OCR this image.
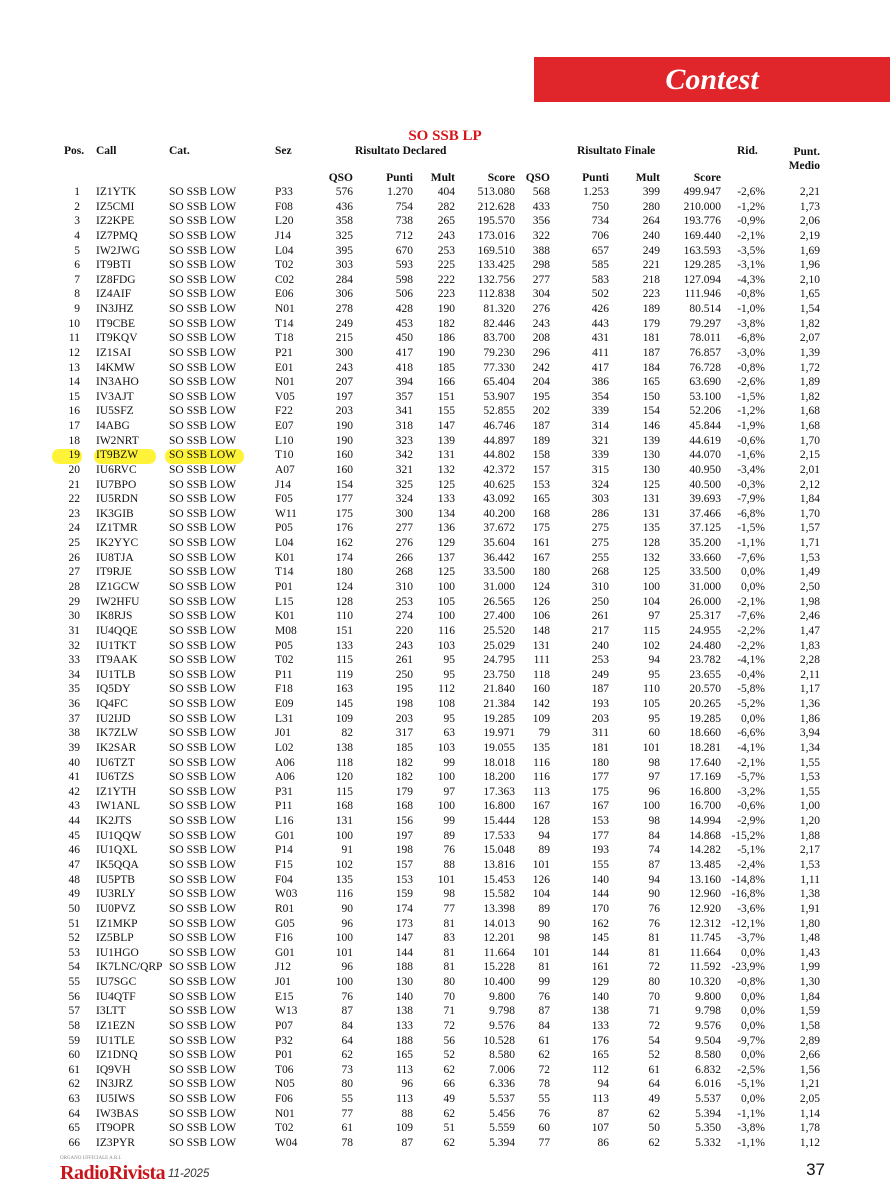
Contest
SO SSB LP
Pos. Call	Cat.	Sez	Risultato Declared	Risultato Finale	Rid.	Punt.
Medio
QSO	Punti	Mult	Score QSO	Punti	Mult	Score
1 IZ1YTK	SO SSB LOW	P33	576	1.270	404	513.080	568	1.253	399	499.947	-2,6%	2,21
2 IZ5CMI	SO SSB LOW	F08	436	754	282	212.628	433	750	280	210.000	-1,2%	1,73
3 IZ2KPE	SO SSB LOW	L20	358	738	265	195.570	356	734	264	193.776	-0,9%	2,06
4 IZ7PMQ	SO SSB LOW	J14	325	712	243	173.016	322	706	240	169.440	-2,1%	2,19
5 IW2JWG	SO SSB LOW	L04	395	670	253	169.510	388	657	249	163.593	-3,5%	1,69
6 IT9BTI	SO SSB LOW	T02	303	593	225	133.425	298	585	221	129.285	-3,1%	1,96
7 IZ8FDG	SO SSB LOW	C02	284	598	222	132.756	277	583	218	127.094	-4,3%	2,10
8 IZ4AIF	SO SSB LOW	E06	306	506	223	112.838	304	502	223	111.946	-0,8%	1,65
9 IN3JHZ	SO SSB LOW	N01	278	428	190	81.320	276	426	189	80.514	-1,0%	1,54
10 IT9CBE	SO SSB LOW	T14	249	453	182	82.446	243	443	179	79.297	-3,8%	1,82
11 IT9KQV	SO SSB LOW	T18	215	450	186	83.700	208	431	181	78.011	-6,8%	2,07
12 IZ1SAI	SO SSB LOW	P21	300	417	190	79.230	296	411	187	76.857	-3,0%	1,39
13 I4KMW	SO SSB LOW	E01	243	418	185	77.330	242	417	184	76.728	-0,8%	1,72
14 IN3AHO	SO SSB LOW	N01	207	394	166	65.404	204	386	165	63.690	-2,6%	1,89
15 IV3AJT	SO SSB LOW	V05	197	357	151	53.907	195	354	150	53.100	-1,5%	1,82
16 IU5SFZ	SO SSB LOW	F22	203	341	155	52.855	202	339	154	52.206	-1,2%	1,68
17 I4ABG	SO SSB LOW	E07	190	318	147	46.746	187	314	146	45.844	-1,9%	1,68
18 IW2NRT	SO SSB LOW	L10	190	323	139	44.897	189	321	139	44.619	-0,6%	1,70
19 IT9BZW	SO SSB LOW	T10	160	342	131	44.802	158	339	130	44.070	-1,6%	2,15
20 IU6RVC	SO SSB LOW	A07	160	321	132	42.372	157	315	130	40.950	-3,4%	2,01
21 IU7BPO	SO SSB LOW	J14	154	325	125	40.625	153	324	125	40.500	-0,3%	2,12
22 IU5RDN	SO SSB LOW	F05	177	324	133	43.092	165	303	131	39.693	-7,9%	1,84
23 IK3GIB	SO SSB LOW	W11	175	300	134	40.200	168	286	131	37.466	-6,8%	1,70
24 IZ1TMR	SO SSB LOW	P05	176	277	136	37.672	175	275	135	37.125	-1,5%	1,57
25 IK2YYC	SO SSB LOW	L04	162	276	129	35.604	161	275	128	35.200	-1,1%	1,71
26 IU8TJA	SO SSB LOW	K01	174	266	137	36.442	167	255	132	33.660	-7,6%	1,53
27 IT9RJE	SO SSB LOW	T14	180	268	125	33.500	180	268	125	33.500	0,0%	1,49
28 IZ1GCW	SO SSB LOW	P01	124	310	100	31.000	124	310	100	31.000	0,0%	2,50
29 IW2HFU	SO SSB LOW	L15	128	253	105	26.565	126	250	104	26.000	-2,1%	1,98
30 IK8RJS	SO SSB LOW	K01	110	274	100	27.400	106	261	97	25.317	-7,6%	2,46
31 IU4QQE	SO SSB LOW	M08	151	220	116	25.520	148	217	115	24.955	-2,2%	1,47
32 IU1TKT	SO SSB LOW	P05	133	243	103	25.029	131	240	102	24.480	-2,2%	1,83
33 IT9AAK	SO SSB LOW	T02	115	261	95	24.795	111	253	94	23.782	-4,1%	2,28
34 IU1TLB	SO SSB LOW	P11	119	250	95	23.750	118	249	95	23.655	-0,4%	2,11
35 IQ5DY	SO SSB LOW	F18	163	195	112	21.840	160	187	110	20.570	-5,8%	1,17
36 IQ4FC	SO SSB LOW	E09	145	198	108	21.384	142	193	105	20.265	-5,2%	1,36
37 IU2IJD	SO SSB LOW	L31	109	203	95	19.285	109	203	95	19.285	0,0%	1,86
38 IK7ZLW	SO SSB LOW	J01	82	317	63	19.971	79	311	60	18.660	-6,6%	3,94
39 IK2SAR	SO SSB LOW	L02	138	185	103	19.055	135	181	101	18.281	-4,1%	1,34
40 IU6TZT	SO SSB LOW	A06	118	182	99	18.018	116	180	98	17.640	-2,1%	1,55
41 IU6TZS	SO SSB LOW	A06	120	182	100	18.200	116	177	97	17.169	-5,7%	1,53
42 IZ1YTH	SO SSB LOW	P31	115	179	97	17.363	113	175	96	16.800	-3,2%	1,55
43 IW1ANL	SO SSB LOW	P11	168	168	100	16.800	167	167	100	16.700	-0,6%	1,00
44 IK2JTS	SO SSB LOW	L16	131	156	99	15.444	128	153	98	14.994	-2,9%	1,20
45 IU1QQW SO SSB LOW	G01	100	197	89	17.533	94	177	84	14.868 -15,2%	1,88
46 IU1QXL	SO SSB LOW	P14	91	198	76	15.048	89	193	74	14.282	-5,1%	2,17
47 IK5QQA	SO SSB LOW	F15	102	157	88	13.816	101	155	87	13.485	-2,4%	1,53
48 IU5PTB	SO SSB LOW	F04	135	153	101	15.453	126	140	94	13.160 -14,8%	1,11
49 IU3RLY	SO SSB LOW	W03	116	159	98	15.582	104	144	90	12.960 -16,8%	1,38
50 IU0PVZ	SO SSB LOW	R01	90	174	77	13.398	89	170	76	12.920	-3,6%	1,91
51 IZ1MKP	SO SSB LOW	G05	96	173	81	14.013	90	162	76	12.312 -12,1%	1,80
52 IZ5BLP	SO SSB LOW	F16	100	147	83	12.201	98	145	81	11.745	-3,7%	1,48
53 IU1HGO	SO SSB LOW	G01	101	144	81	11.664	101	144	81	11.664	0,0%	1,43
54 IK7LNC/QRP SO SSB LOW	J12	96	188	81	15.228	81	161	72	11.592 -23,9%	1,99
55 IU7SGC	SO SSB LOW	J01	100	130	80	10.400	99	129	80	10.320	-0,8%	1,30
56 IU4QTF	SO SSB LOW	E15	76	140	70	9.800	76	140	70	9.800	0,0%	1,84
57 I3LTT	SO SSB LOW	W13	87	138	71	9.798	87	138	71	9.798	0,0%	1,59
58 IZ1EZN	SO SSB LOW	P07	84	133	72	9.576	84	133	72	9.576	0,0%	1,58
59 IU1TLE	SO SSB LOW	P32	64	188	56	10.528	61	176	54	9.504	-9,7%	2,89
60 IZ1DNQ	SO SSB LOW	P01	62	165	52	8.580	62	165	52	8.580	0,0%	2,66
61 IQ9VH	SO SSB LOW	T06	73	113	62	7.006	72	112	61	6.832	-2,5%	1,56
62 IN3JRZ	SO SSB LOW	N05	80	96	66	6.336	78	94	64	6.016	-5,1%	1,21
63 IU5IWS	SO SSB LOW	F06	55	113	49	5.537	55	113	49	5.537	0,0%	2,05
64 IW3BAS	SO SSB LOW	N01	77	88	62	5.456	76	87	62	5.394	-1,1%	1,14
65 IT9OPR	SO SSB LOW	T02	61	109	51	5.559	60	107	50	5.350	-3,8%	1,78
66 IZ3PYR	SO SSB LOW	W04	78	87	62	5.394	77	86	62	5.332	-1,1%	1,12
ORGANO UFFICIALE A.R.I.
RadioRivista 11-2025	37
